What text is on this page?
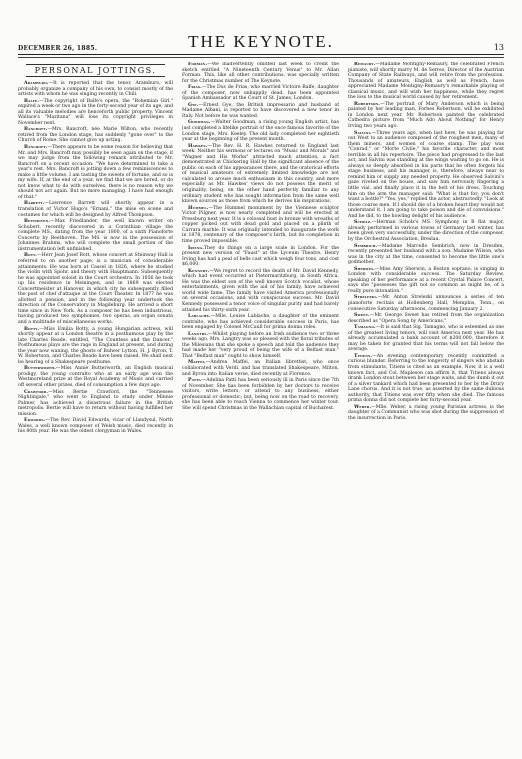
DECEMBER 26, 1885.	THE KEYNOTE.	13
PERSONAL JOTTINGS.

Aramburo.—It is reported that the tenor, Aramburo, will probably organize a company of his own, to consist mostly of the artists with whom he was singing recently in Chili.

Balfe.—The copyright of Balfe's opera, the "Bohemian Girl," expired a week or two ago in the forty-second year of its age, and all its valuable melodies are henceforth public property. Vincent Wallace's "Maritana" will lose its copyright privileges in November next.

Bancroft.—Mrs. Bancroft, née Marie Wilton, who recently retired from the London stage, has suddenly "gone over" to the Church of Rome. She cannot give up acting.

Bancroft.—There appears to be some reason for believing that Mr. and Mrs. Bancroft may possibly be seen again on the stage, if we may judge from the following remark attributed to Mr. Bancroft on a recent occasion: "We have determined to take a year's rest. Mrs. Bancroft is jotting down a few reminiscences to make a little volume. I am tasting the sweets of fortune, and so is my wife. If, at the end of a year, we find that we are bored, or do not know what to do with ourselves, there is no reason why we should not act again. But no more managing. I have had enough of that."

Barrett.—Lawrence Barrett will shortly appear in a translation of Victor Hugo's "Ernani," the mise en scene and costumes for which will be designed by Alfred Thompson.

Beethoven.—Max Friedlander, the well known writer on Schubert, recently discovered in a Corinthian village the complete MS., dating from the year 1800, of a sixth Pianoforte Concerto by Beethoven. The MS. is now in the possession of Johannes Brahms, who will complete the small portion of the instrumentation left unfinished.

Bott.—Herr Jean Josef Bott, whose concert at Steinway Hall is referred to on another page, is a musician of considerable attainments. He was born at Cassel in 1826, where he studied the violin with Spohr, and theory with Hauptmann. Subsequently he was appointed soloist in the Court orchestra. In 1856 he took up his residence in Meiningen, and in 1869 was elected Concertmeister at Hanover, in which city he subsequently filled the post of chef d'attaque at the Court Theater. In 1877 he was allotted a pension, and in the following year undertook the direction of the Conservatory in Magdeburg. He arrived a short time since in New York. As a composer he has been industrious, having produced two symphonies, two operas, an organ sonata and a multitude of miscellaneous works.

Botty.—Miss Emilia Botty, a young Hungarian actress, will shortly appear at a London theatre in a posthumous play by the late Charles Reade, entitled, "The Countess and the Dancer." Posthumous plays are the rage in England at present, and during the year now waning, the ghosts of Bulwer Lytton, H. J. Byron, T. W. Robertson, and Charles Reade have been raised. We shall next be hearing of a Shakespeare posthume.

Butterworth.—Miss Annie Butterworth, an English musical prodigy, the young contralto who at an early age won the Westmoreland prize at the Royal Academy of Music and carried off several other prizes, died of consumption a few days ago.

Crawford.—Miss Bertie Crawford, the "Tennessee Nightingale," who went to England to study under Minnie Palmer, has achieved a disastrous failure in the British metropolis. Bertie will have to return without having fulfilled her mission.

Edwards.—The Rev. David Edwards, vicar of Llandysul, North Wales, a well known composer of Welsh music, died recently in his 80th year. He was the oldest clergyman in Wales.

Forman.—We inadvertently omitted last week to credit the sketch entitled "A Nineteenth Century Venus" to Mr. Allan Forman. This, like all other contributions, was specially written for the Christmas number of The Keynote.

Frias.—The Duc de Frias, who married Victoire Balfe, daughter of the composer, now unhappily dead, has been appointed Spanish Ambassador at the Court of St. James, London.

Gye.—Ernest Gye, the British impressario and husband of Madame Albani, is reported to have discovered a new tenor in Italy. Not before he was wanted.

Goodman.—Walter Goodman, a rising young English artist, has just completed a lifelike portrait of the once famous favorite of the London stage, Mrs. Keeley. The old lady completed her eightieth year at the beginning of the present month.

Hawkes.—The Rev. H. R. Hawkes returned to England last week. Neither his sermons or lectures on "Music and Morals" and "Wagner and His Works" attracted much attention, a fact demonstrated at Chickering Hall by the significant absence of the public on each of his appearances there, and the oratorical efforts of musical amateurs of extremely limited knowledge are not calculated to arouse much enthusiasm in this country, and more especially as Mr. Hawkes' views do not possess the merit of originality, being, on the other hand perfectly familiar to any ordinary student who has sought information from the same well known sources as those from which he derives his inspirations.

Hummel.—The Hummel monument by the Viennese sculptor Victor Pilgner, is now nearly completed and will be erected at Pressburg next year. It is a colossal bust in bronze with wreaths of copper picked out with dead gold and placed on a plinth of Carrara marble. It was originally intended to inaugurate the work in 1878, centenary of the composer's birth, but its completion in time proved impossible.

Irving.They do things on a large scale in London. For the present new version of "Faust" at the Lyceum Theatre, Henry Irving has had a peal of bells cast which weigh four tons, and cost $6,000.

Kennedy.—We regret to record the death of Mr. David Kennedy, which had event occurred at Pietermaritzburg, in South Africa. He was the eldest son of the well known Scotch vocalist, whose entertainments, given with the aid of his family, have achieved world wide fame. The family have visited America professionally on several occasions, and with conspicuous success. Mr. David Kennedy possessed a tenor voice of singular purity and had barely attained his thirty-sixth year.

Lablache.—Mlle. Louise Lablache, a daughter of the eminent contralto, who has achieved considerable success in Paris, has been engaged by Colonel McCaull for prima donna roles.

Langtry.—Whilst playing before an Irish audience two or three weeks ago, Mrs. Langtry was so pleased with the floral tributes of the Milesians that she spoke a speech and told the audience they had made her "very proud of being the wife of a Belfast man." That "Belfast man" ought to show himself.

Maffei.—Andrea Maffei, an Italian librettist, who once collaborated with Verdi, and has translated Shakespeare, Milton, and Byron into Italian verse, died recently at Florence.

Patti.—Adelina Patti has been seriously ill in Paris since the 7th of November. She has been forbidden by her doctors to receive visitors, write letters, or attend to any business, either professional or domestic; but, being now on the road to recovery, she has been able to reach Vienna to commence her winter tour. She will spend Christmas in the Wallachian capital of Bucharest.

Remaury.—Madame Montigny-Remaury, the celebrated French pianiste, will shortly marry M. de Serres, Director of the Austrian Company of State Railways, and will retire from the profession. Thousands of amateurs, English as well as French, have appreciated Madame Montigny-Remaury's remarkable playing of classical music, and will wish her happiness, while they regret the loss to the musical world caused by her retirement.

Robertson.—The portrait of Mary Anderson which is being painted by her leading man, Forbes Robertson, will be exhibited in London next year. Mr. Robertson painted the celebrated Cathedra picture from "Much Ado About Nothing" for Henry Irving two years ago.

Salvini.—Three years ago, when last here, he was playing far out West to an audience composed of the roughest men, many of them miners, and women of coarse stamp. The play was "Conrad," or "Morte Civile," his favorite character, and most terrible in all his repertoire. The piece had progressed to the last act, and Salvini was standing at the wings waiting to go on. He is always so deeply absorbed in his parts that he often forgets his stage business, and his manager is, therefore, always near to remind him or supply any needed property. He observed Salvini's gaze riveted on the house, and saw him nervously fingering a little vial, and finally place it in the belt of his dress. Touching him on the arm the manager said: "What is that for; you don't want a bottle?" "Yes, yes," replied the actor, abstractedly. "Look at those coarse men. If I should die of a broken heart they would not understand it. I am going to take poison and die of convulsions." And he did, to the howling delight of his audience.

Scholz.—Herman Scholz's MS. Symphony in B flat major, already performed in various towns of Germany last winter, has been given very successfully, under the direction of the composer, by the Orchestral Association, Breslau.

Sembrich.—Madame Marcello Sembrich, now in Dresden, recently presented her husband with a son. Madame Wilson, who was in the city at the time, consented to become the little one's godmother.

Sherwin.—Miss Amy Sherwin, a Boston soprano, is singing in London with considerable success. The Saturday Review, speaking of her performance at a recent Crystal Palace Concert, says she "possesses the gift not so common as might be, of a really pure intonation."

Strelezki.—Mr. Anton Strelezki announces a series of ten pianoforte recitals at Hollenberg Hall, Memphis, Tenn., on consecutive Saturday afternoons, commencing January 2.

Sweet.—Mr. George Sweet has retired from the organization described as "Opera Song by Americans."

Tamagno.—It is said that Sig. Tamagno, who is esteemed as one of the greatest living tenors, will visit America next year. He has already accumulated a bank account of $200,000, therefore it may be taken for granted that his terms will not fall below the average.

Titiens.—An evening contemporary recently committed a curious blunder. Referring to the longevity of singers who abstain from stimulants, Titiens is cited as an example. Now, it is a well known fact, and Col. Mapleson can affirm it, that Titiens always drank London stout between her stage waits, and the dumb it out of a silver tankard which had been presented to her by the Drury Lane chorus. And it is not true, as asserted by the same dubious authority, that Titiens was over fifty when she died. The famous prima donna did not complete her forty-second year.

Weber.—Mlle. Weber, a rising young Parisian actress, is the daughter of a Communist who was shot during the suppression of the insurrection in Paris.
